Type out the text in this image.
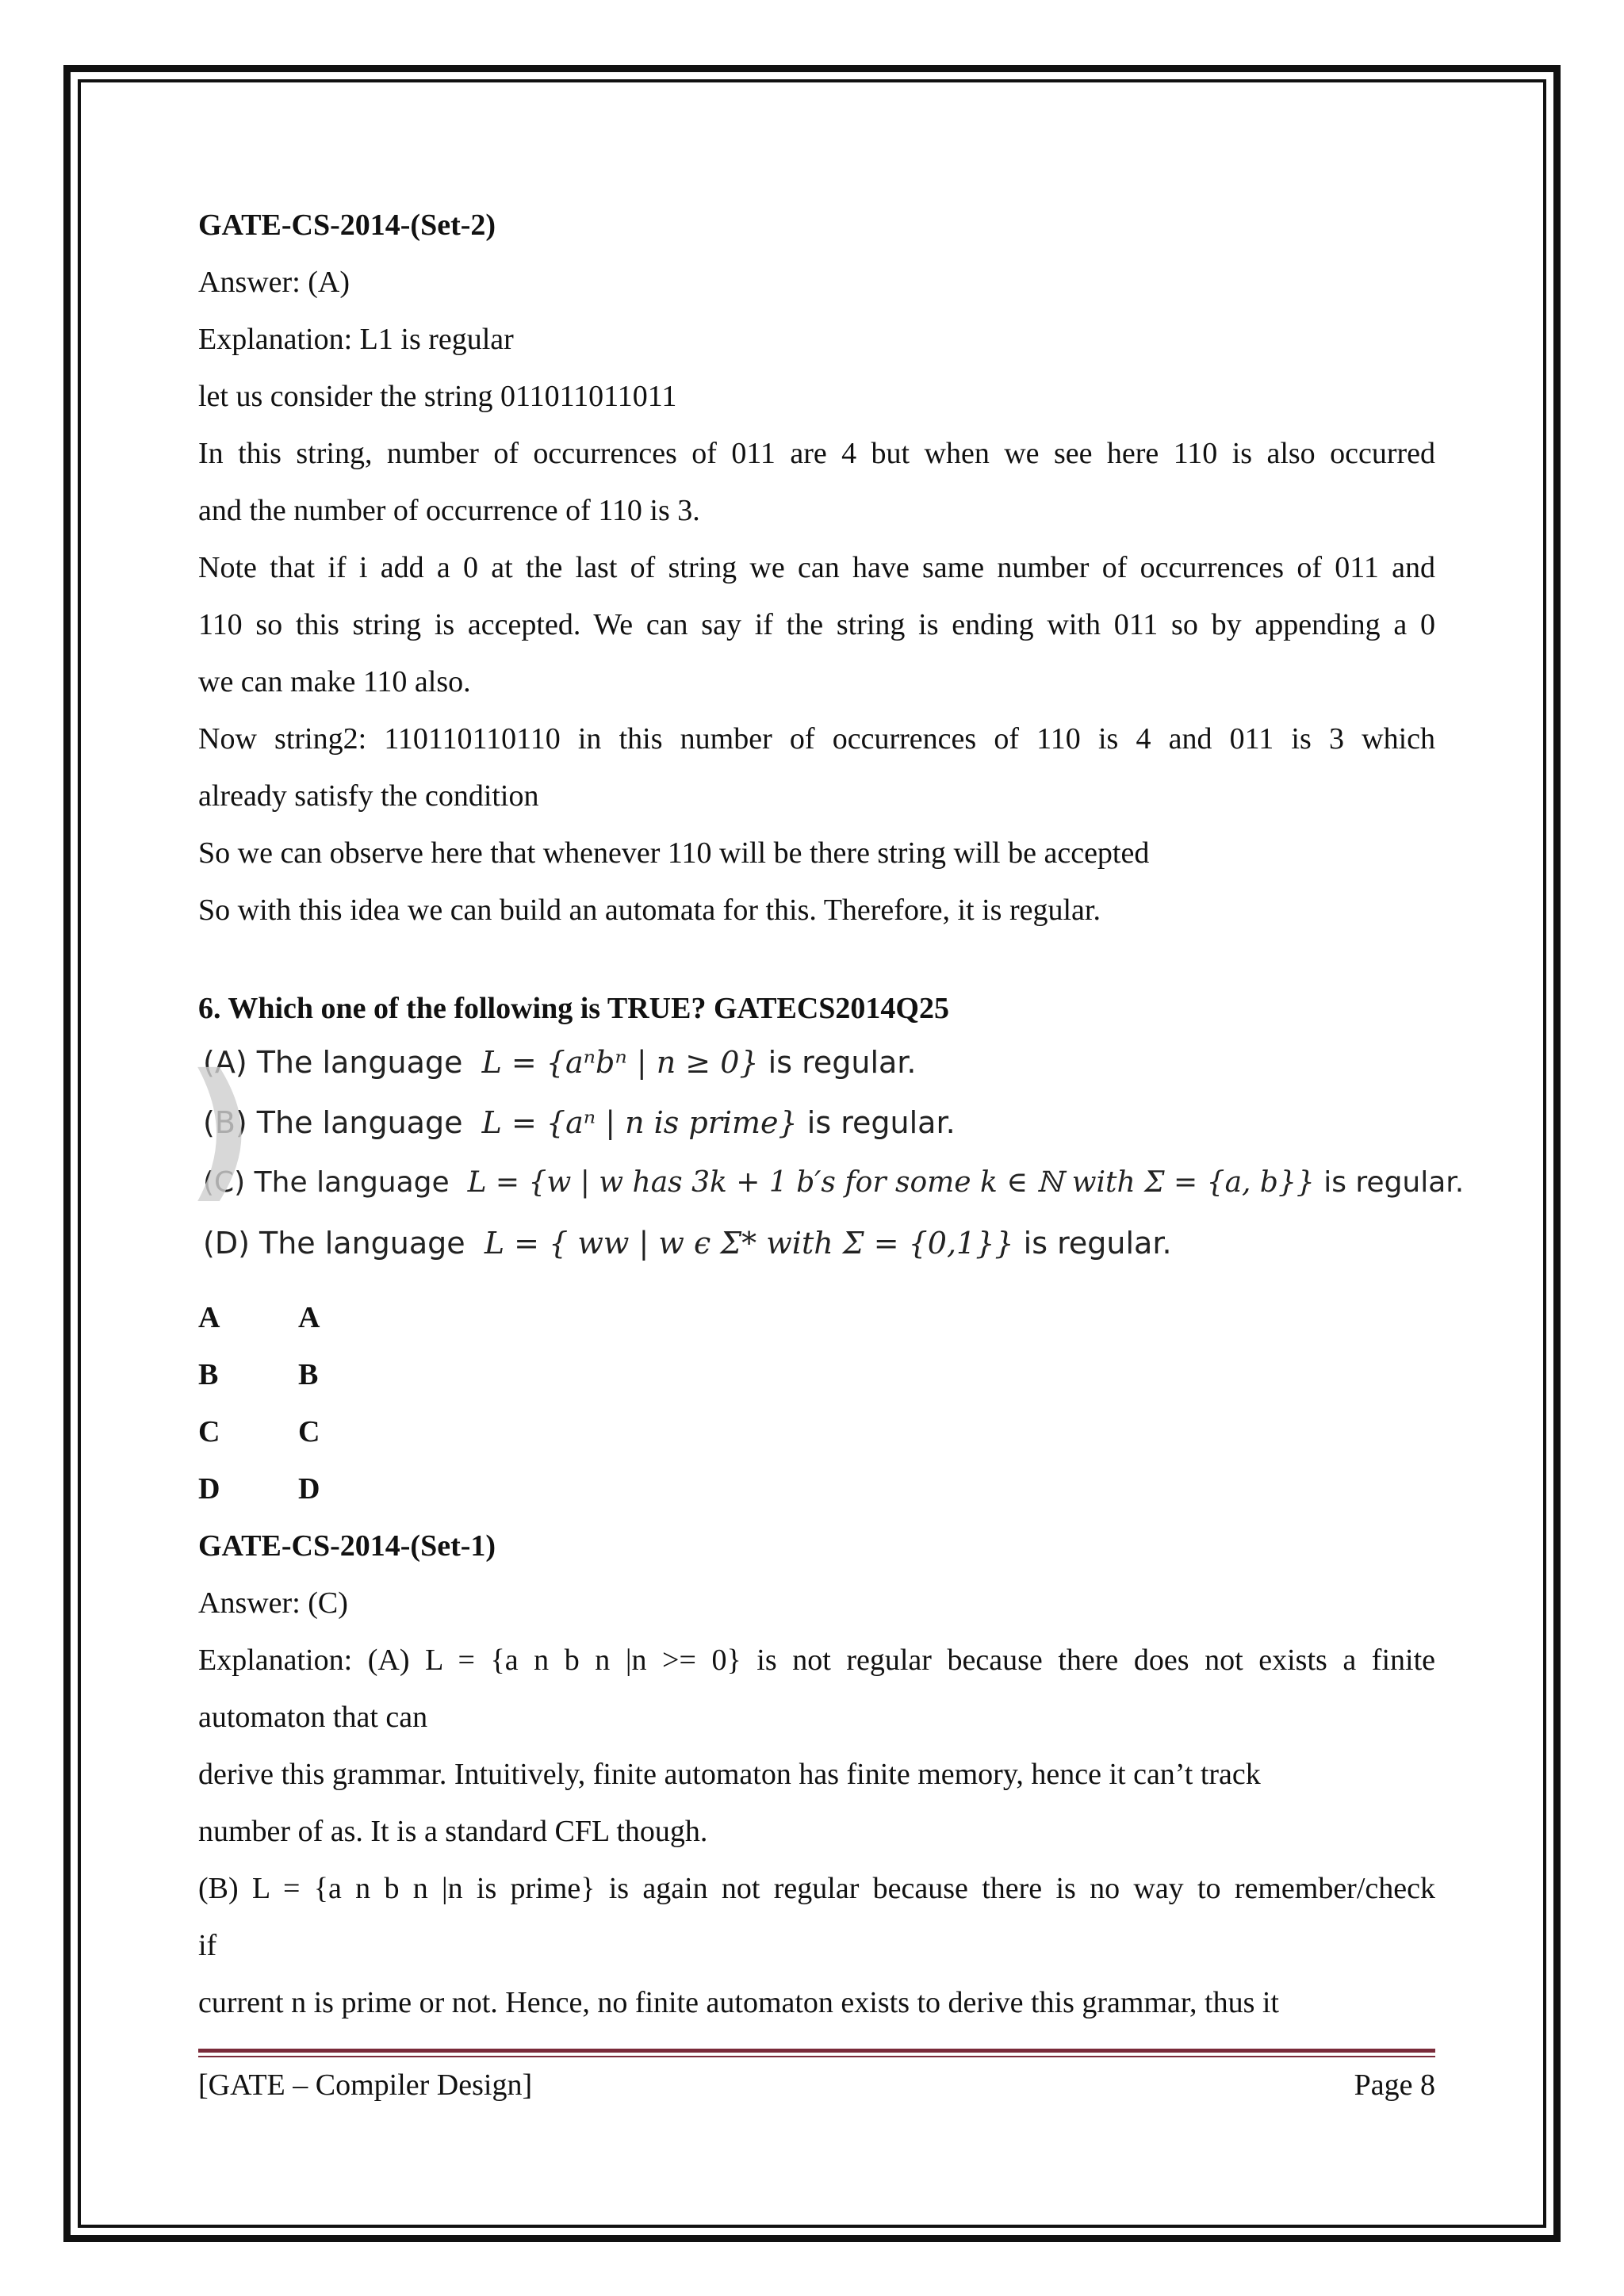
GATE-CS-2014-(Set-2)
Answer: (A)
Explanation: L1 is regular
let us consider the string 011011011011
In this string, number of occurrences of 011 are 4 but when we see here 110 is also occurred
and the number of occurrence of 110 is 3.
Note that if i add a 0 at the last of string we can have same number of occurrences of 011 and
110 so this string is accepted. We can say if the string is ending with 011 so by appending a 0
we can make 110 also.
Now string2: 110110110110 in this number of occurrences of 110 is 4 and 011 is 3 which
already satisfy the condition
So we can observe here that whenever 110 will be there string will be accepted
So with this idea we can build an automata for this. Therefore, it is regular.
6. Which one of the following is TRUE? GATECS2014Q25
)
(A) The language L = {aⁿbⁿ | n ≥ 0} is regular.
(B) The language L = {aⁿ | n is prime} is regular.
(C) The language L = {w | w has 3k + 1 b′s for some k ∈ ℕ with Σ = {a, b}} is regular.
(D) The language L = { ww | w ϵ Σ* with Σ = {0,1}} is regular.
A	A
B	B
C	C
D	D
GATE-CS-2014-(Set-1)
Answer: (C)
Explanation: (A) L = {a n b n |n >= 0} is not regular because there does not exists a finite
automaton that can
derive this grammar. Intuitively, finite automaton has finite memory, hence it can’t track
number of as. It is a standard CFL though.
(B) L = {a n b n |n is prime} is again not regular because there is no way to remember/check
if
current n is prime or not. Hence, no finite automaton exists to derive this grammar, thus it
[GATE – Compiler Design]	Page 8
